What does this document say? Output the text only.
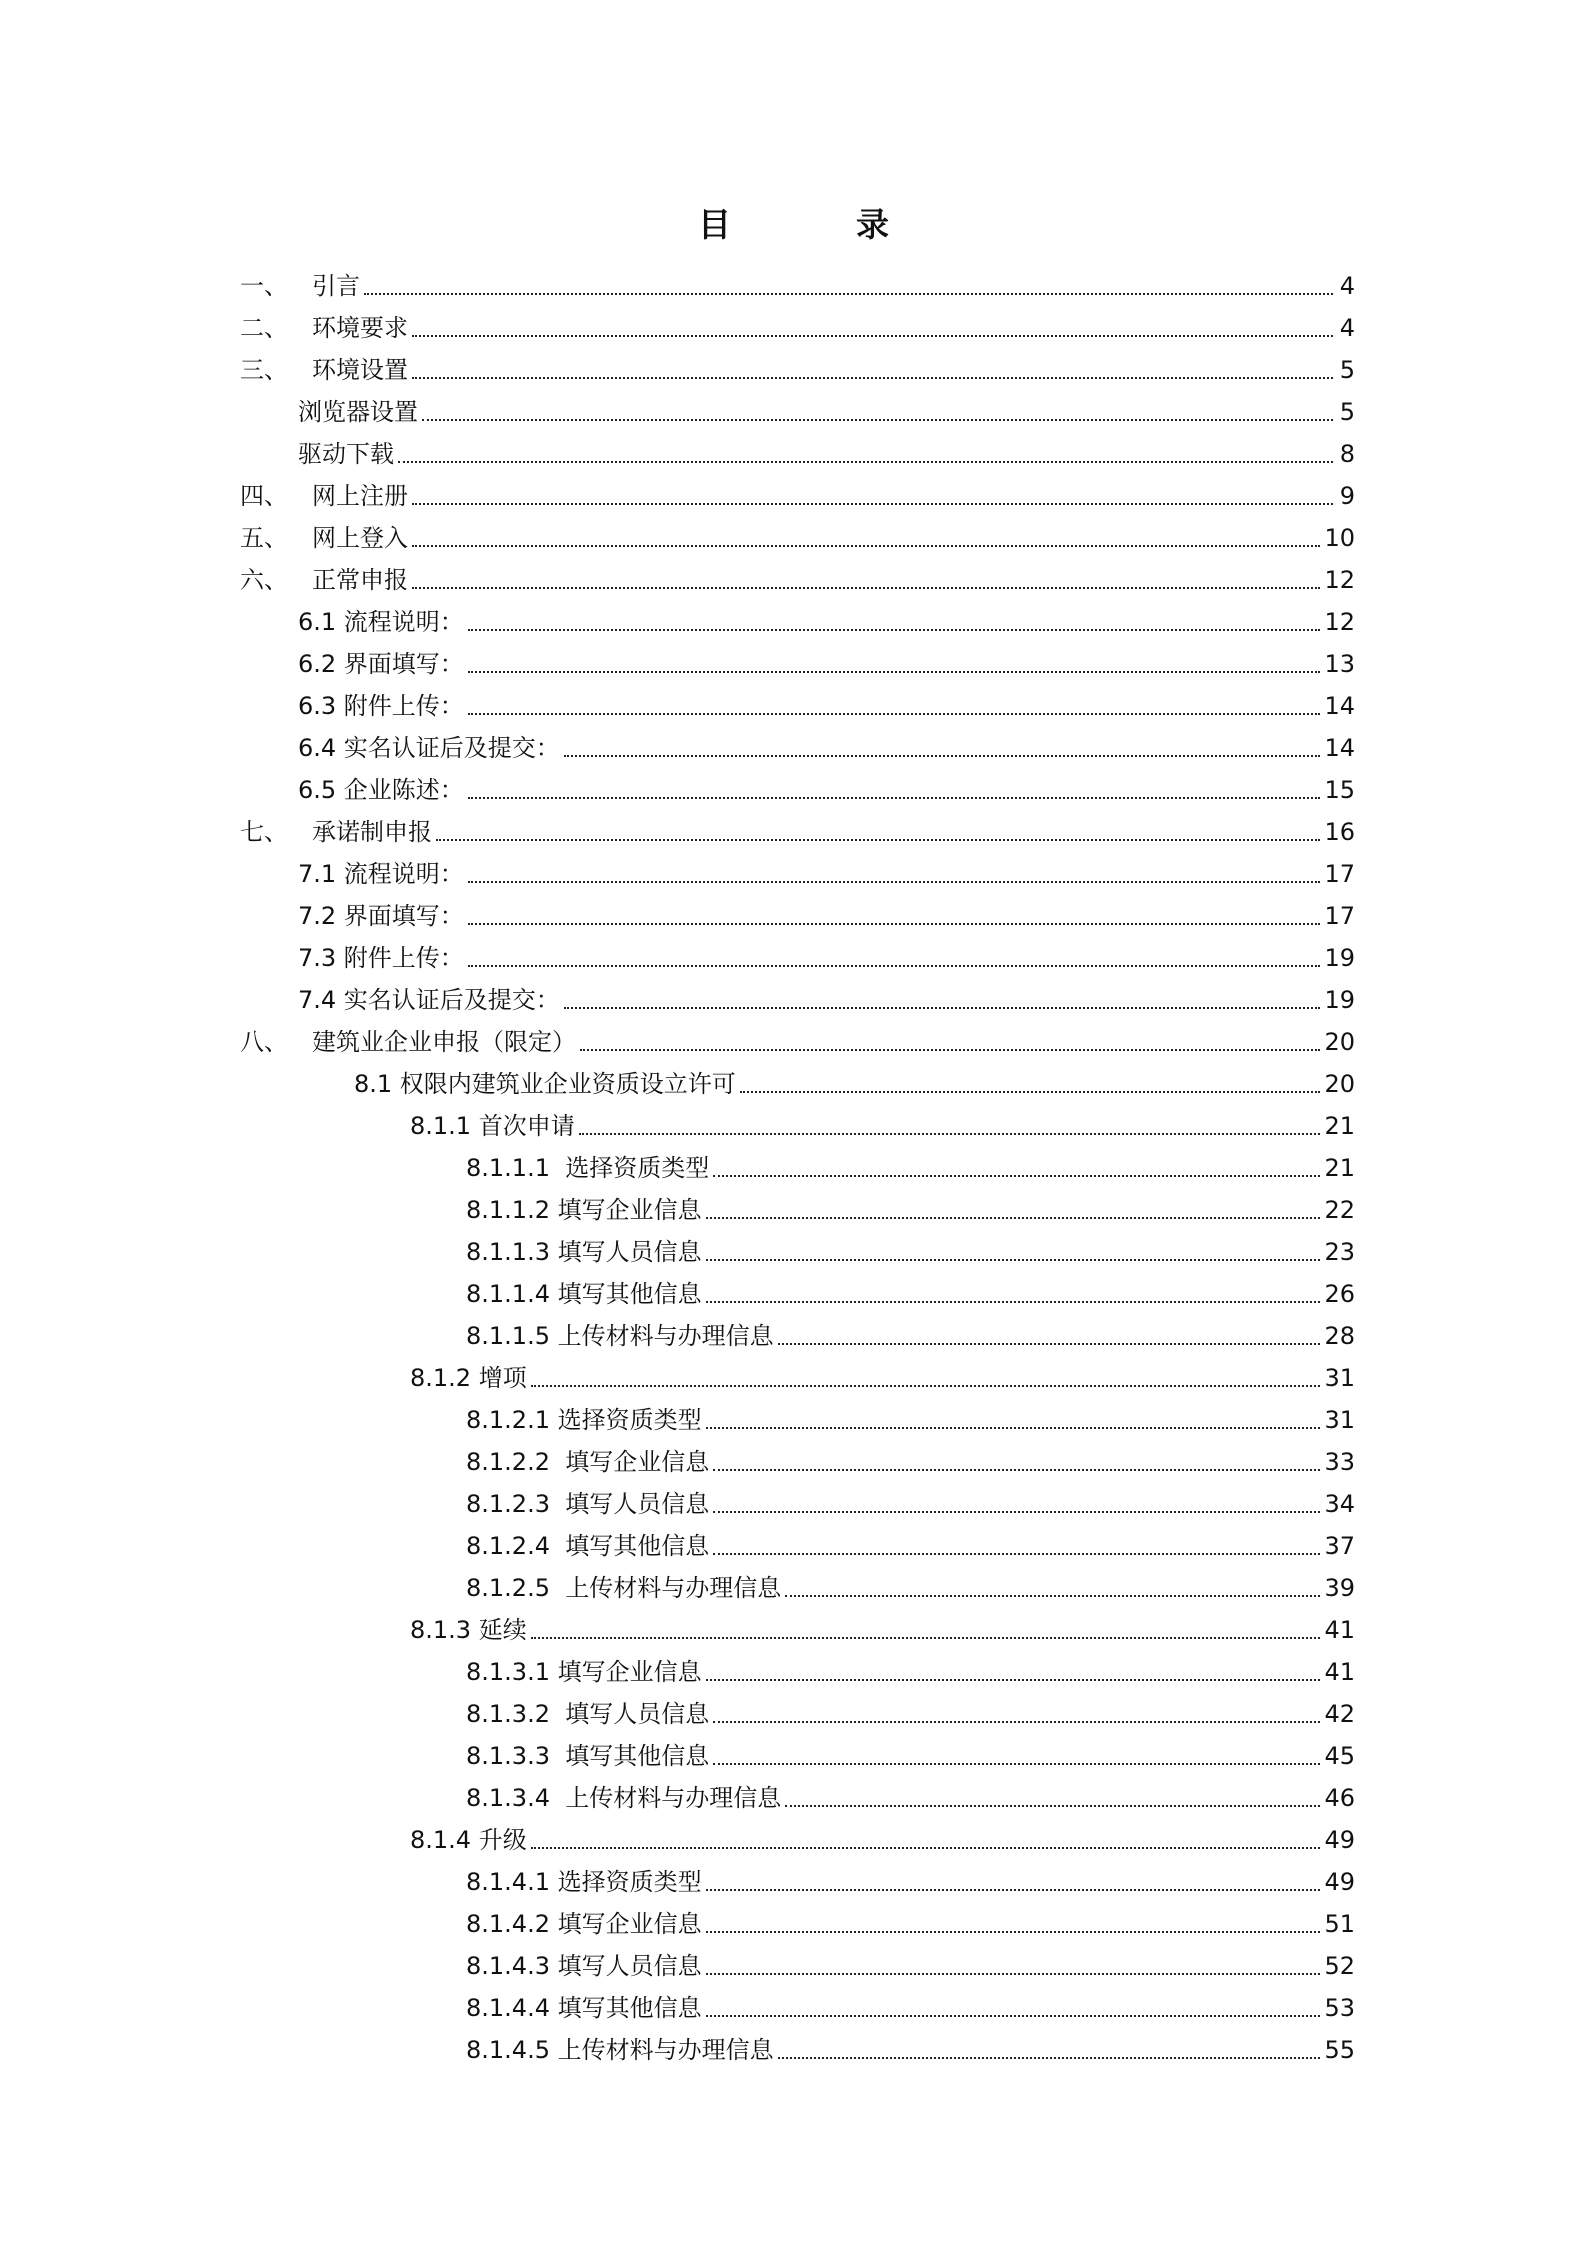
目　录
一、	引言	4
二、	环境要求	4
三、	环境设置	5
浏览器设置	5
驱动下载	8
四、	网上注册	9
五、	网上登入	10
六、	正常申报	12
6.1 流程说明：	12
6.2 界面填写：	13
6.3 附件上传：	14
6.4 实名认证后及提交：	14
6.5 企业陈述：	15
七、	承诺制申报	16
7.1 流程说明：	17
7.2 界面填写：	17
7.3 附件上传：	19
7.4 实名认证后及提交：	19
八、	建筑业企业申报（限定）	20
8.1 权限内建筑业企业资质设立许可	20
8.1.1 首次申请	21
8.1.1.1  选择资质类型	21
8.1.1.2 填写企业信息	22
8.1.1.3 填写人员信息	23
8.1.1.4 填写其他信息	26
8.1.1.5 上传材料与办理信息	28
8.1.2 增项	31
8.1.2.1 选择资质类型	31
8.1.2.2  填写企业信息	33
8.1.2.3  填写人员信息	34
8.1.2.4  填写其他信息	37
8.1.2.5  上传材料与办理信息	39
8.1.3 延续	41
8.1.3.1 填写企业信息	41
8.1.3.2  填写人员信息	42
8.1.3.3  填写其他信息	45
8.1.3.4  上传材料与办理信息	46
8.1.4 升级	49
8.1.4.1 选择资质类型	49
8.1.4.2 填写企业信息	51
8.1.4.3 填写人员信息	52
8.1.4.4 填写其他信息	53
8.1.4.5 上传材料与办理信息	55
